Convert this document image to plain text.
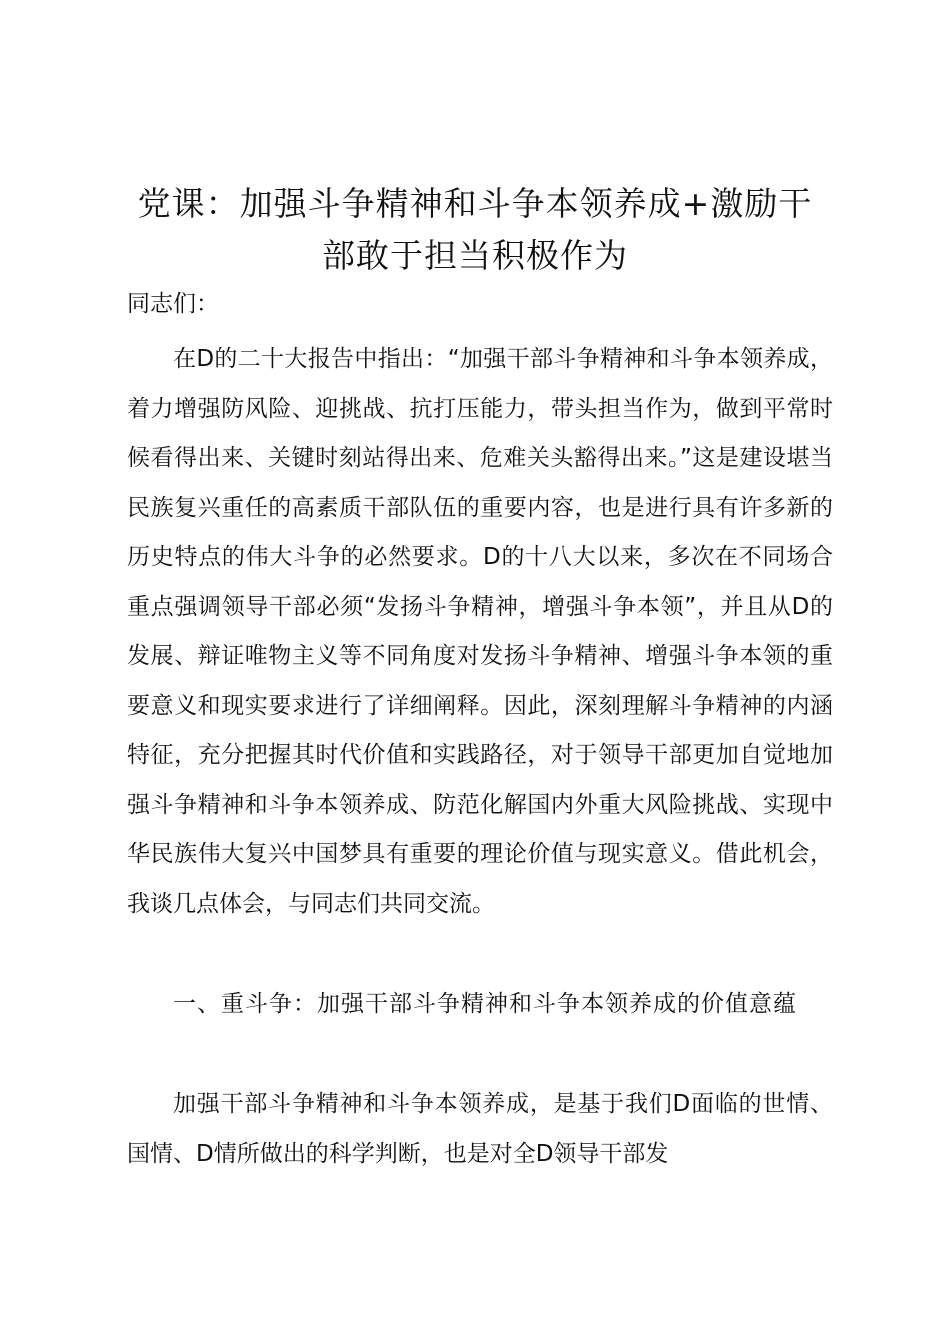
党课：加强斗争精神和斗争本领养成+激励干
部敢于担当积极作为
同志们：

在D的二十大报告中指出：“加强干部斗争精神和斗争本领养成，着力增强防风险、迎挑战、抗打压能力，带头担当作为，做到平常时候看得出来、关键时刻站得出来、危难关头豁得出来。”这是建设堪当民族复兴重任的高素质干部队伍的重要内容，也是进行具有许多新的历史特点的伟大斗争的必然要求。D的十八大以来，多次在不同场合重点强调领导干部必须“发扬斗争精神，增强斗争本领”，并且从D的发展、辩证唯物主义等不同角度对发扬斗争精神、增强斗争本领的重要意义和现实要求进行了详细阐释。因此，深刻理解斗争精神的内涵特征，充分把握其时代价值和实践路径，对于领导干部更加自觉地加强斗争精神和斗争本领养成、防范化解国内外重大风险挑战、实现中华民族伟大复兴中国梦具有重要的理论价值与现实意义。借此机会，我谈几点体会，与同志们共同交流。

一、重斗争：加强干部斗争精神和斗争本领养成的价值意蕴

加强干部斗争精神和斗争本领养成，是基于我们D面临的世情、国情、D情所做出的科学判断，也是对全D领导干部发
